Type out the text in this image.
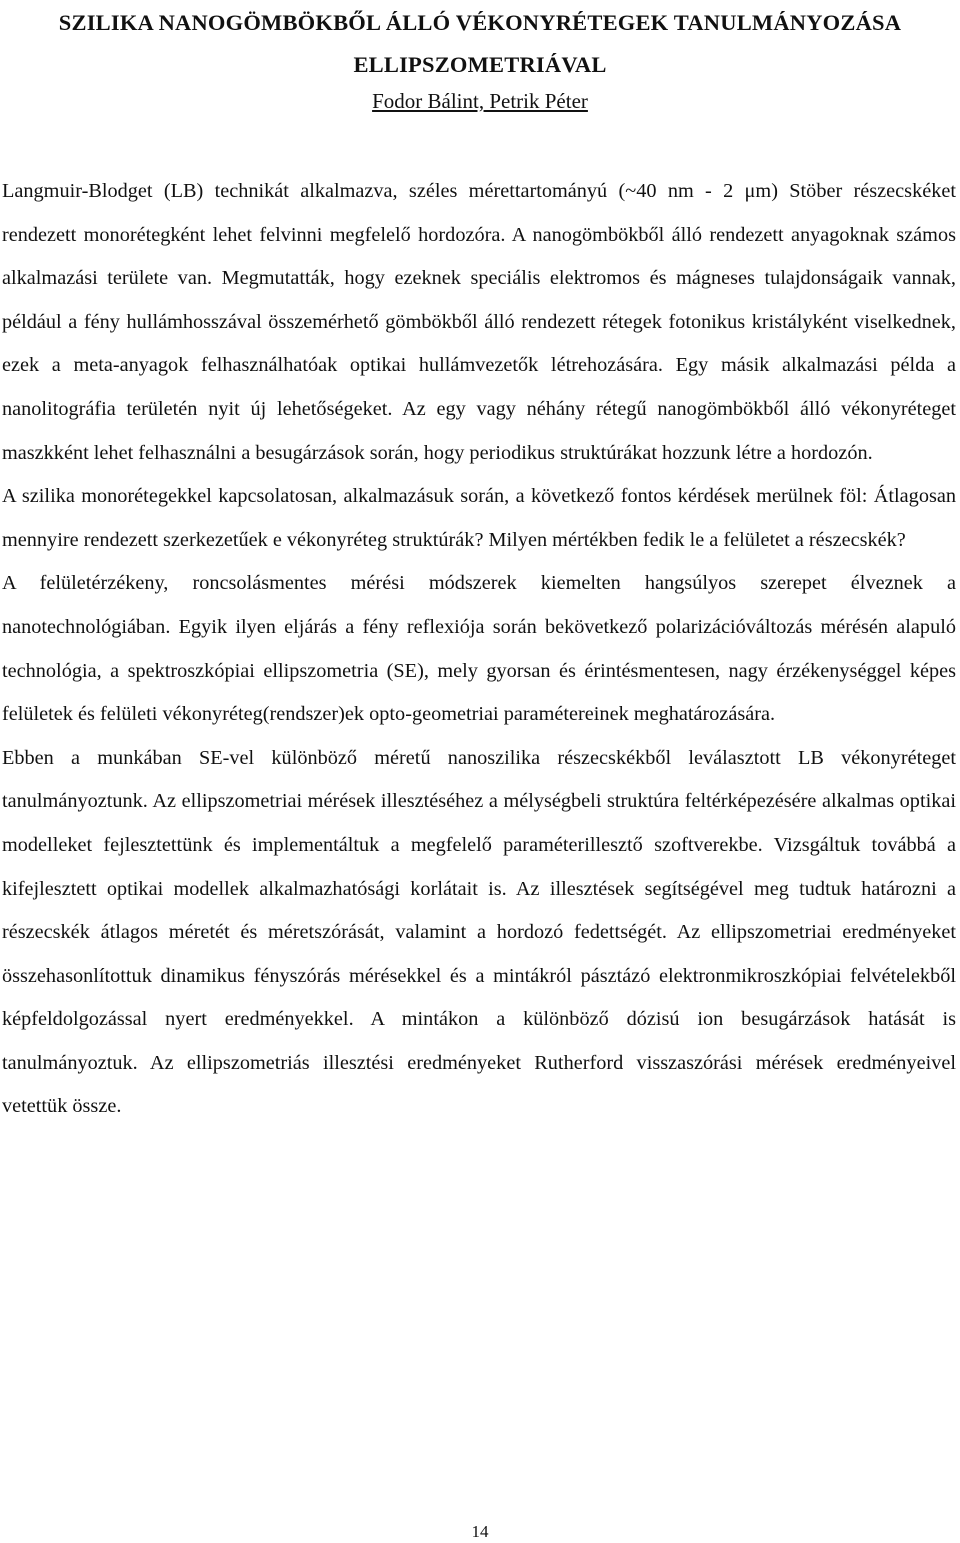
SZILIKA NANOGÖMBÖKBŐL ÁLLÓ VÉKONYRÉTEGEK TANULMÁNYOZÁSA
ELLIPSZOMETRIÁVAL
Fodor Bálint, Petrik Péter

Langmuir-Blodget (LB) technikát alkalmazva, széles mérettartományú (~40 nm - 2 μm) Stöber részecskéket rendezett monorétegként lehet felvinni megfelelő hordozóra. A nanogömbökből álló rendezett anyagoknak számos alkalmazási területe van. Megmutatták, hogy ezeknek speciális elektromos és mágneses tulajdonságaik vannak, például a fény hullámhosszával összemérhető gömbökből álló rendezett rétegek fotonikus kristályként viselkednek, ezek a meta-anyagok felhasználhatóak optikai hullámvezetők létrehozására. Egy másik alkalmazási példa a nanolitográfia területén nyit új lehetőségeket. Az egy vagy néhány rétegű nanogömbökből álló vékonyréteget maszkként lehet felhasználni a besugárzások során, hogy periodikus struktúrákat hozzunk létre a hordozón.

A szilika monorétegekkel kapcsolatosan, alkalmazásuk során, a következő fontos kérdések merülnek föl: Átlagosan mennyire rendezett szerkezetűek e vékonyréteg struktúrák? Milyen mértékben fedik le a felületet a részecskék?

A felületérzékeny, roncsolásmentes mérési módszerek kiemelten hangsúlyos szerepet élveznek a nanotechnológiában. Egyik ilyen eljárás a fény reflexiója során bekövetkező polarizációváltozás mérésén alapuló technológia, a spektroszkópiai ellipszometria (SE), mely gyorsan és érintésmentesen, nagy érzékenységgel képes felületek és felületi vékonyréteg(rendszer)ek opto-geometriai paramétereinek meghatározására.

Ebben a munkában SE-vel különböző méretű nanoszilika részecskékből leválasztott LB vékonyréteget tanulmányoztunk. Az ellipszometriai mérések illesztéséhez a mélységbeli struktúra feltérképezésére alkalmas optikai modelleket fejlesztettünk és implementáltuk a megfelelő paraméterillesztő szoftverekbe. Vizsgáltuk továbbá a kifejlesztett optikai modellek alkalmazhatósági korlátait is. Az illesztések segítségével meg tudtuk határozni a részecskék átlagos méretét és méretszórását, valamint a hordozó fedettségét. Az ellipszometriai eredményeket összehasonlítottuk dinamikus fényszórás mérésekkel és a mintákról pásztázó elektronmikroszkópiai felvételekből képfeldolgozással nyert eredményekkel. A mintákon a különböző dózisú ion besugárzások hatását is tanulmányoztuk. Az ellipszometriás illesztési eredményeket Rutherford visszaszórási mérések eredményeivel vetettük össze.

14
